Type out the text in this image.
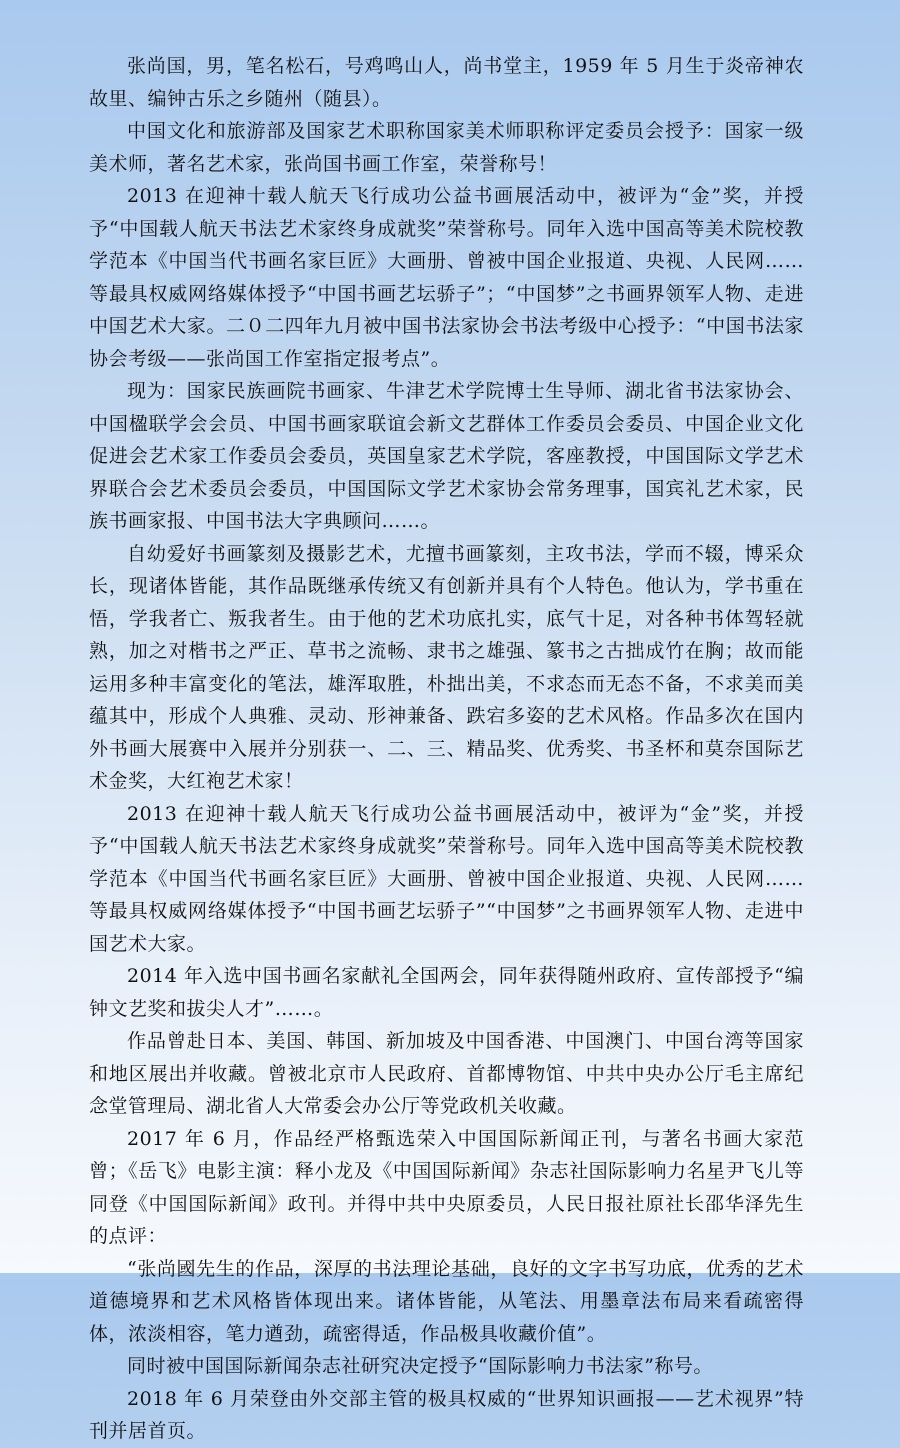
张尚国，男，笔名松石，号鸡鸣山人，尚书堂主，1959 年 5 月生于炎帝神农故里、编钟古乐之乡随州（随县）。

中国文化和旅游部及国家艺术职称国家美术师职称评定委员会授予：国家一级美术师，著名艺术家，张尚国书画工作室，荣誉称号！

2013 在迎神十载人航天飞行成功公益书画展活动中，被评为“金”奖，并授予“中国载人航天书法艺术家终身成就奖”荣誉称号。同年入选中国高等美术院校教学范本《中国当代书画名家巨匠》大画册、曾被中国企业报道、央视、人民网……等最具权威网络媒体授予“中国书画艺坛骄子”；“中国梦”之书画界领军人物、走进中国艺术大家。二０二四年九月被中国书法家协会书法考级中心授予：“中国书法家协会考级——张尚国工作室指定报考点”。

现为：国家民族画院书画家、牛津艺术学院博士生导师、湖北省书法家协会、中国楹联学会会员、中国书画家联谊会新文艺群体工作委员会委员、中国企业文化促进会艺术家工作委员会委员，英国皇家艺术学院，客座教授，中国国际文学艺术界联合会艺术委员会委员，中国国际文学艺术家协会常务理事，国宾礼艺术家，民族书画家报、中国书法大字典顾问……。

自幼爱好书画篆刻及摄影艺术，尤擅书画篆刻，主攻书法，学而不辍，博采众长，现诸体皆能，其作品既继承传统又有创新并具有个人特色。他认为，学书重在悟，学我者亡、叛我者生。由于他的艺术功底扎实，底气十足，对各种书体驾轻就熟，加之对楷书之严正、草书之流畅、隶书之雄强、篆书之古拙成竹在胸；故而能运用多种丰富变化的笔法，雄浑取胜，朴拙出美，不求态而无态不备，不求美而美蕴其中，形成个人典雅、灵动、形神兼备、跌宕多姿的艺术风格。作品多次在国内外书画大展赛中入展并分别获一、二、三、精品奖、优秀奖、书圣杯和莫奈国际艺术金奖，大红袍艺术家！

2013 在迎神十载人航天飞行成功公益书画展活动中，被评为“金”奖，并授予“中国载人航天书法艺术家终身成就奖”荣誉称号。同年入选中国高等美术院校教学范本《中国当代书画名家巨匠》大画册、曾被中国企业报道、央视、人民网……等最具权威网络媒体授予“中国书画艺坛骄子”“中国梦”之书画界领军人物、走进中国艺术大家。

2014 年入选中国书画名家献礼全国两会，同年获得随州政府、宣传部授予“编钟文艺奖和拔尖人才”……。

作品曾赴日本、美国、韩国、新加坡及中国香港、中国澳门、中国台湾等国家和地区展出并收藏。曾被北京市人民政府、首都博物馆、中共中央办公厅毛主席纪念堂管理局、湖北省人大常委会办公厅等党政机关收藏。

2017 年 6 月，作品经严格甄选荣入中国国际新闻正刊，与著名书画大家范曾；《岳飞》电影主演：释小龙及《中国国际新闻》杂志社国际影响力名星尹飞儿等同登《中国国际新闻》政刊。并得中共中央原委员，人民日报社原社长邵华泽先生的点评：

“张尚國先生的作品，深厚的书法理论基础，良好的文字书写功底，优秀的艺术道德境界和艺术风格皆体现出来。诸体皆能，从笔法、用墨章法布局来看疏密得体，浓淡相容，笔力遒劲，疏密得适，作品极具收藏价值”。

同时被中国国际新闻杂志社研究决定授予“国际影响力书法家”称号。

2018 年 6 月荣登由外交部主管的极具权威的“世界知识画报——艺术视界”特刊并居首页。
